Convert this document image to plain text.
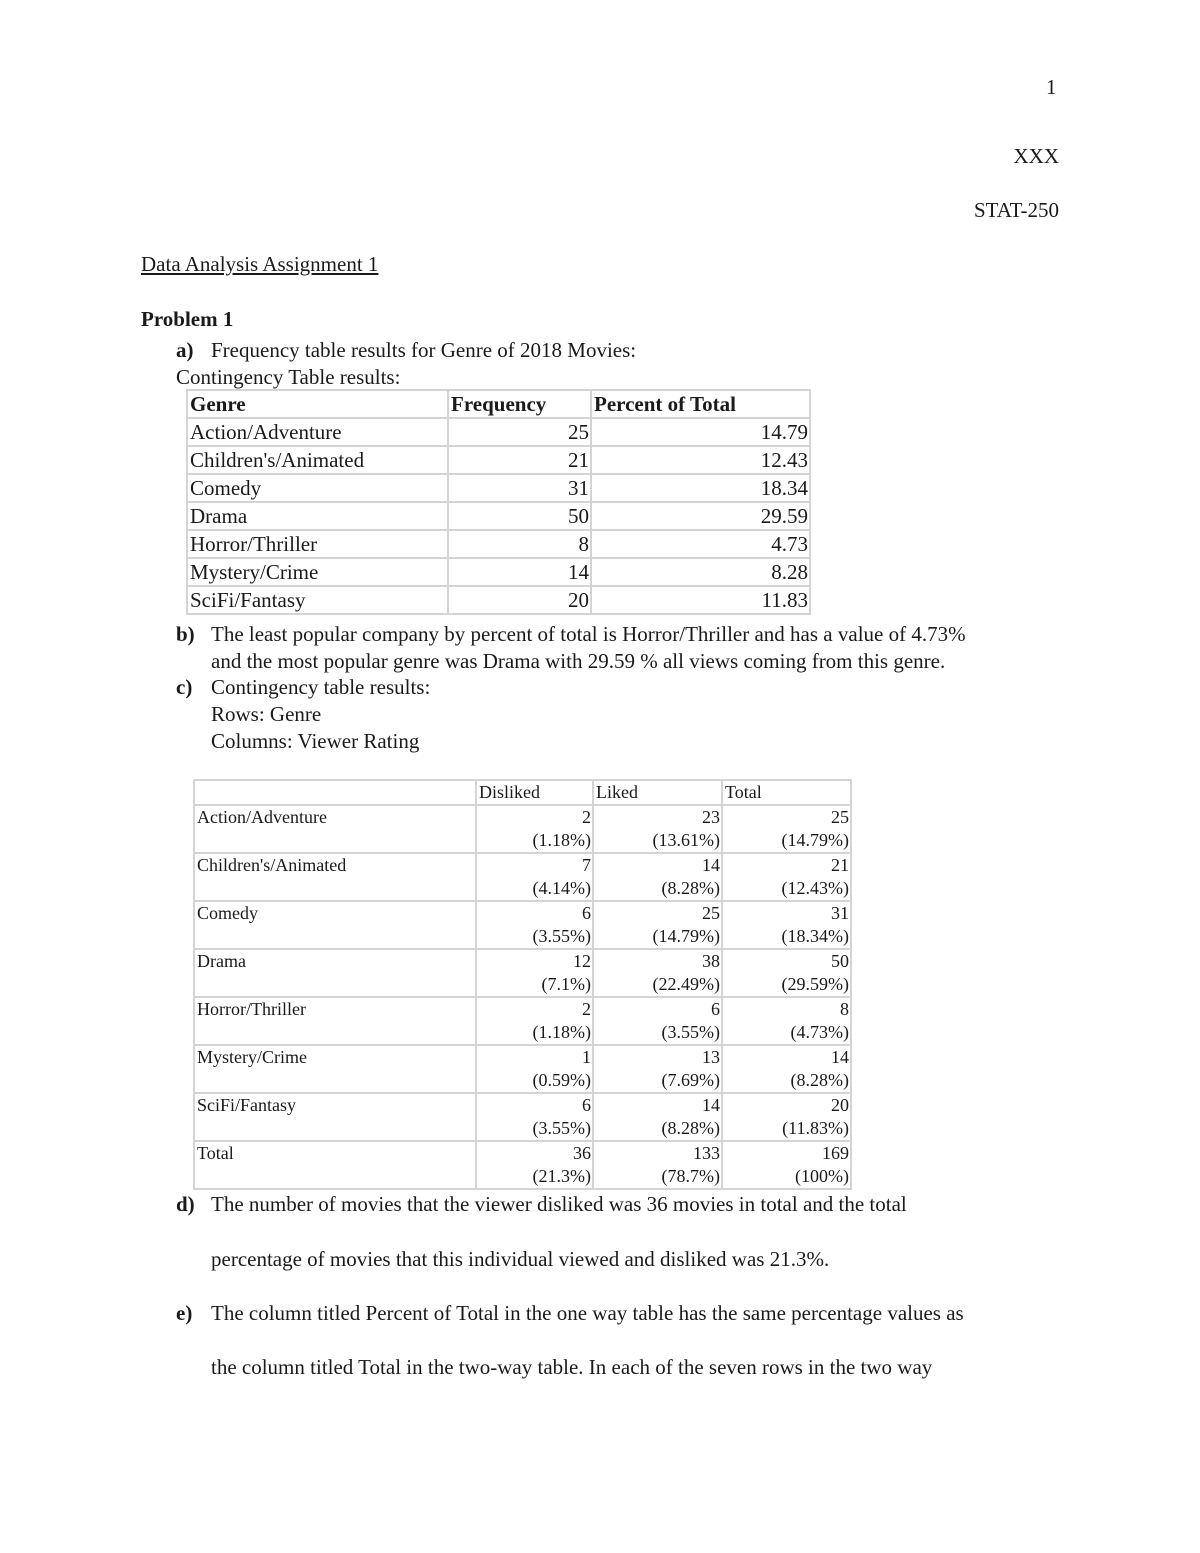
1
XXX
STAT-250
Data Analysis Assignment 1
Problem 1
a) Frequency table results for Genre of 2018 Movies:
Contingency Table results:
Genre	Frequency	Percent of Total
Action/Adventure	25	14.79
Children's/Animated	21	12.43
Comedy	31	18.34
Drama	50	29.59
Horror/Thriller	8	4.73
Mystery/Crime	14	8.28
SciFi/Fantasy	20	11.83
b) The least popular company by percent of total is Horror/Thriller and has a value of 4.73%
and the most popular genre was Drama with 29.59 % all views coming from this genre.
c) Contingency table results:
Rows: Genre
Columns: Viewer Rating
	Disliked	Liked	Total
Action/Adventure	2
(1.18%)	23
(13.61%)	25
(14.79%)

Children's/Animated	7
(4.14%)	14
(8.28%)	21
(12.43%)

Comedy	6
(3.55%)	25
(14.79%)	31
(18.34%)

Drama	12
(7.1%)	38
(22.49%)	50
(29.59%)

Horror/Thriller	2
(1.18%)	6
(3.55%)	8
(4.73%)

Mystery/Crime	1
(0.59%)	13
(7.69%)	14
(8.28%)

SciFi/Fantasy	6
(3.55%)	14
(8.28%)	20
(11.83%)

Total	36
(21.3%)	133
(78.7%)	169
(100%)
d) The number of movies that the viewer disliked was 36 movies in total and the total
percentage of movies that this individual viewed and disliked was 21.3%.
e) The column titled Percent of Total in the one way table has the same percentage values as
the column titled Total in the two-way table. In each of the seven rows in the two way
